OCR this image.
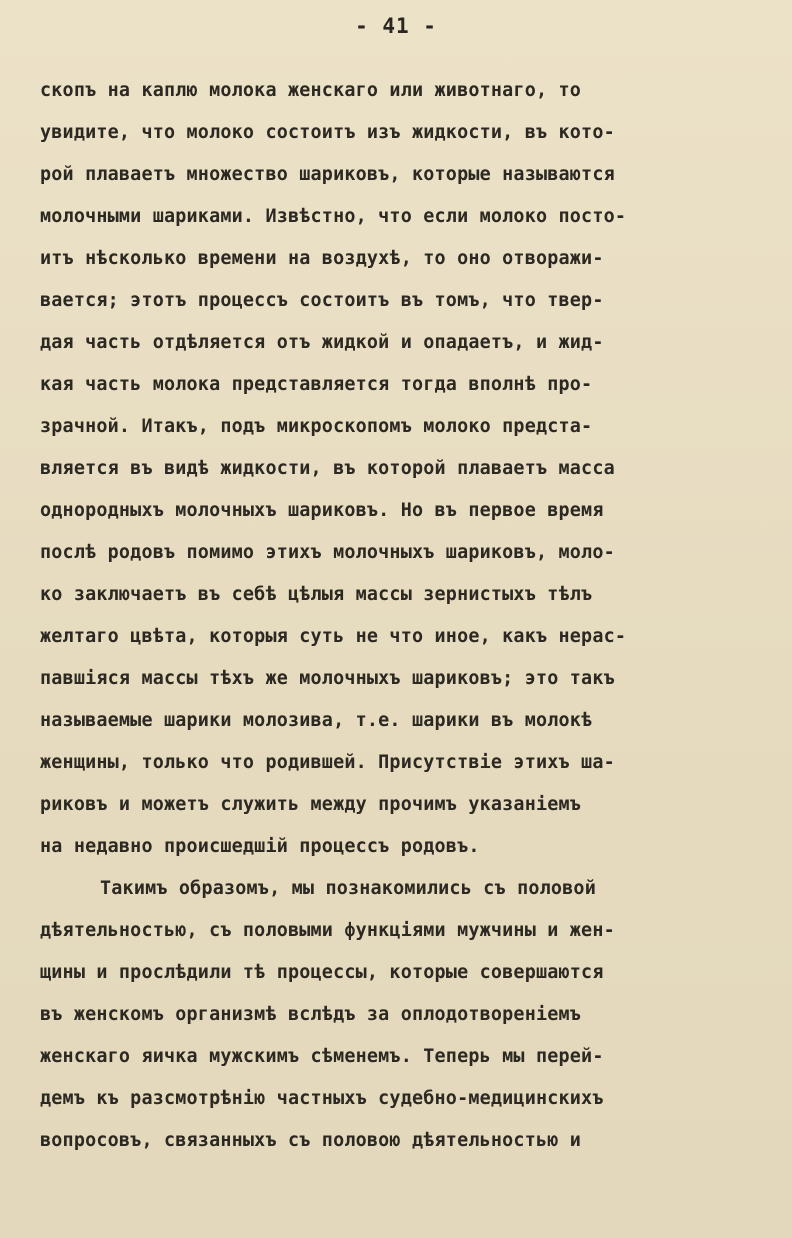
- 41 -
скопъ на каплю молока женскаго или животнаго, то
увидите, что молоко состоитъ изъ жидкости, въ кото-
рой плаваетъ множество шариковъ, которые называются
молочными шариками. Извѣстно, что если молоко посто-
итъ нѣсколько времени на воздухѣ, то оно отворажи-
вается; этотъ процессъ состоитъ въ томъ, что твер-
дая часть отдѣляется отъ жидкой и опадаетъ, и жид-
кая часть молока представляется тогда вполнѣ про-
зрачной. Итакъ, подъ микроскопомъ молоко предста-
вляется въ видѣ жидкости, въ которой плаваетъ масса
однородныхъ молочныхъ шариковъ. Но въ первое время
послѣ родовъ помимо этихъ молочныхъ шариковъ, моло-
ко заключаетъ въ себѣ цѣлыя массы зернистыхъ тѣлъ
желтаго цвѣта, которыя суть не что иное, какъ нерас-
павшiяся массы тѣхъ же молочныхъ шариковъ; это такъ
называемые шарики молозива, т.е. шарики въ молокѣ
женщины, только что родившей. Присутствiе этихъ ша-
риковъ и можетъ служить между прочимъ указанiемъ
на недавно происшедшiй процессъ родовъ.
Такимъ образомъ, мы познакомились съ половой
дѣятельностью, съ половыми функцiями мужчины и жен-
щины и прослѣдили тѣ процессы, которые совершаются
въ женскомъ организмѣ вслѣдъ за оплодотворенiемъ
женскаго яичка мужскимъ сѣменемъ. Теперь мы перей-
демъ къ разсмотрѣнiю частныхъ судебно-медицинскихъ
вопросовъ, связанныхъ съ половою дѣятельностью и
